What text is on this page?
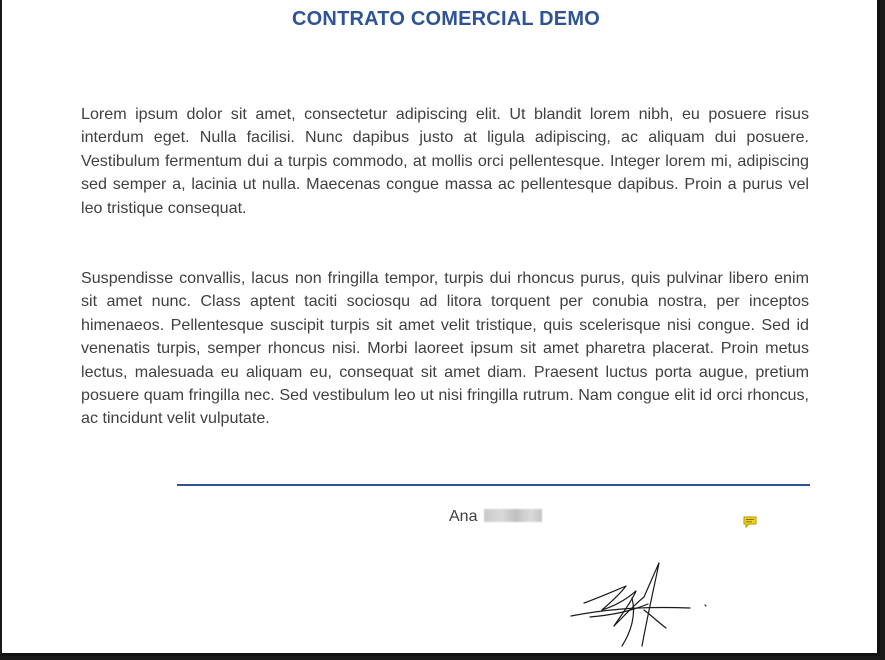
CONTRATO COMERCIAL DEMO

Lorem ipsum dolor sit amet, consectetur adipiscing elit. Ut blandit lorem nibh, eu posuere risus interdum eget. Nulla facilisi. Nunc dapibus justo at ligula adipiscing, ac aliquam dui posuere. Vestibulum fermentum dui a turpis commodo, at mollis orci pellentesque. Integer lorem mi, adipiscing sed semper a, lacinia ut nulla. Maecenas congue massa ac pellentesque dapibus. Proin a purus vel leo tristique consequat.

Suspendisse convallis, lacus non fringilla tempor, turpis dui rhoncus purus, quis pulvinar libero enim sit amet nunc. Class aptent taciti sociosqu ad litora torquent per conubia nostra, per inceptos himenaeos. Pellentesque suscipit turpis sit amet velit tristique, quis scelerisque nisi congue. Sed id venenatis turpis, semper rhoncus nisi. Morbi laoreet ipsum sit amet pharetra placerat. Proin metus lectus, malesuada eu aliquam eu, consequat sit amet diam. Praesent luctus porta augue, pretium posuere quam fringilla nec. Sed vestibulum leo ut nisi fringilla rutrum. Nam congue elit id orci rhoncus, ac tincidunt velit vulputate.

Ana
